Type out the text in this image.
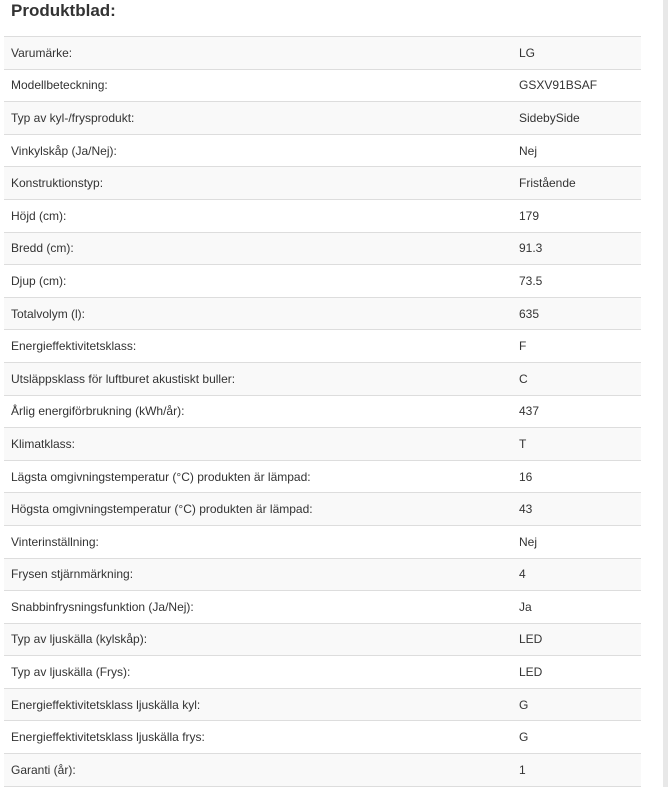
Produktblad:
Varumärke:	LG
Modellbeteckning:	GSXV91BSAF
Typ av kyl-/frysprodukt:	SidebySide
Vinkylskåp (Ja/Nej):	Nej
Konstruktionstyp:	Fristående
Höjd (cm):	179
Bredd (cm):	91.3
Djup (cm):	73.5
Totalvolym (l):	635
Energieffektivitetsklass:	F
Utsläppsklass för luftburet akustiskt buller:	C
Årlig energiförbrukning (kWh/år):	437
Klimatklass:	T
Lägsta omgivningstemperatur (°C) produkten är lämpad:	16
Högsta omgivningstemperatur (°C) produkten är lämpad:	43
Vinterinställning:	Nej
Frysen stjärnmärkning:	4
Snabbinfrysningsfunktion (Ja/Nej):	Ja
Typ av ljuskälla (kylskåp):	LED
Typ av ljuskälla (Frys):	LED
Energieffektivitetsklass ljuskälla kyl:	G
Energieffektivitetsklass ljuskälla frys:	G
Garanti (år):	1
